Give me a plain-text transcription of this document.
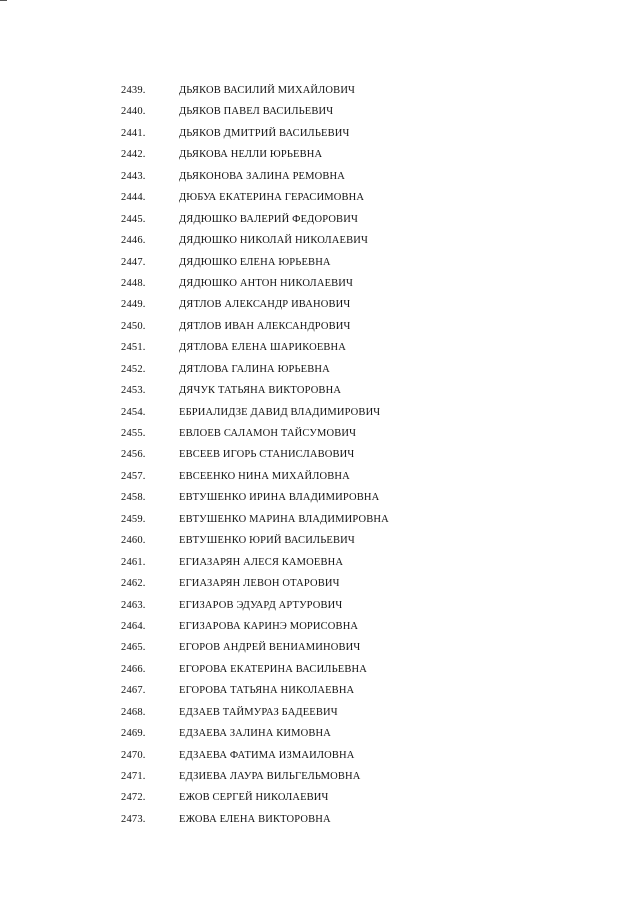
2439.	ДЬЯКОВ ВАСИЛИЙ МИХАЙЛОВИЧ
2440.	ДЬЯКОВ ПАВЕЛ ВАСИЛЬЕВИЧ
2441.	ДЬЯКОВ ДМИТРИЙ ВАСИЛЬЕВИЧ
2442.	ДЬЯКОВА НЕЛЛИ ЮРЬЕВНА
2443.	ДЬЯКОНОВА ЗАЛИНА РЕМОВНА
2444.	ДЮБУА ЕКАТЕРИНА ГЕРАСИМОВНА
2445.	ДЯДЮШКО ВАЛЕРИЙ ФЕДОРОВИЧ
2446.	ДЯДЮШКО НИКОЛАЙ НИКОЛАЕВИЧ
2447.	ДЯДЮШКО ЕЛЕНА ЮРЬЕВНА
2448.	ДЯДЮШКО АНТОН НИКОЛАЕВИЧ
2449.	ДЯТЛОВ АЛЕКСАНДР ИВАНОВИЧ
2450.	ДЯТЛОВ ИВАН АЛЕКСАНДРОВИЧ
2451.	ДЯТЛОВА ЕЛЕНА ШАРИКОЕВНА
2452.	ДЯТЛОВА ГАЛИНА ЮРЬЕВНА
2453.	ДЯЧУК ТАТЬЯНА ВИКТОРОВНА
2454.	ЕБРИАЛИДЗЕ ДАВИД ВЛАДИМИРОВИЧ
2455.	ЕВЛОЕВ САЛАМОН ТАЙСУМОВИЧ
2456.	ЕВСЕЕВ ИГОРЬ СТАНИСЛАВОВИЧ
2457.	ЕВСЕЕНКО НИНА МИХАЙЛОВНА
2458.	ЕВТУШЕНКО ИРИНА ВЛАДИМИРОВНА
2459.	ЕВТУШЕНКО МАРИНА ВЛАДИМИРОВНА
2460.	ЕВТУШЕНКО ЮРИЙ ВАСИЛЬЕВИЧ
2461.	ЕГИАЗАРЯН АЛЕСЯ КАМОЕВНА
2462.	ЕГИАЗАРЯН ЛЕВОН ОТАРОВИЧ
2463.	ЕГИЗАРОВ ЭДУАРД АРТУРОВИЧ
2464.	ЕГИЗАРОВА КАРИНЭ МОРИСОВНА
2465.	ЕГОРОВ АНДРЕЙ ВЕНИАМИНОВИЧ
2466.	ЕГОРОВА ЕКАТЕРИНА ВАСИЛЬЕВНА
2467.	ЕГОРОВА ТАТЬЯНА НИКОЛАЕВНА
2468.	ЕДЗАЕВ ТАЙМУРАЗ БАДЕЕВИЧ
2469.	ЕДЗАЕВА ЗАЛИНА КИМОВНА
2470.	ЕДЗАЕВА ФАТИМА ИЗМАИЛОВНА
2471.	ЕДЗИЕВА ЛАУРА ВИЛЬГЕЛЬМОВНА
2472.	ЕЖОВ СЕРГЕЙ НИКОЛАЕВИЧ
2473.	ЕЖОВА ЕЛЕНА ВИКТОРОВНА
